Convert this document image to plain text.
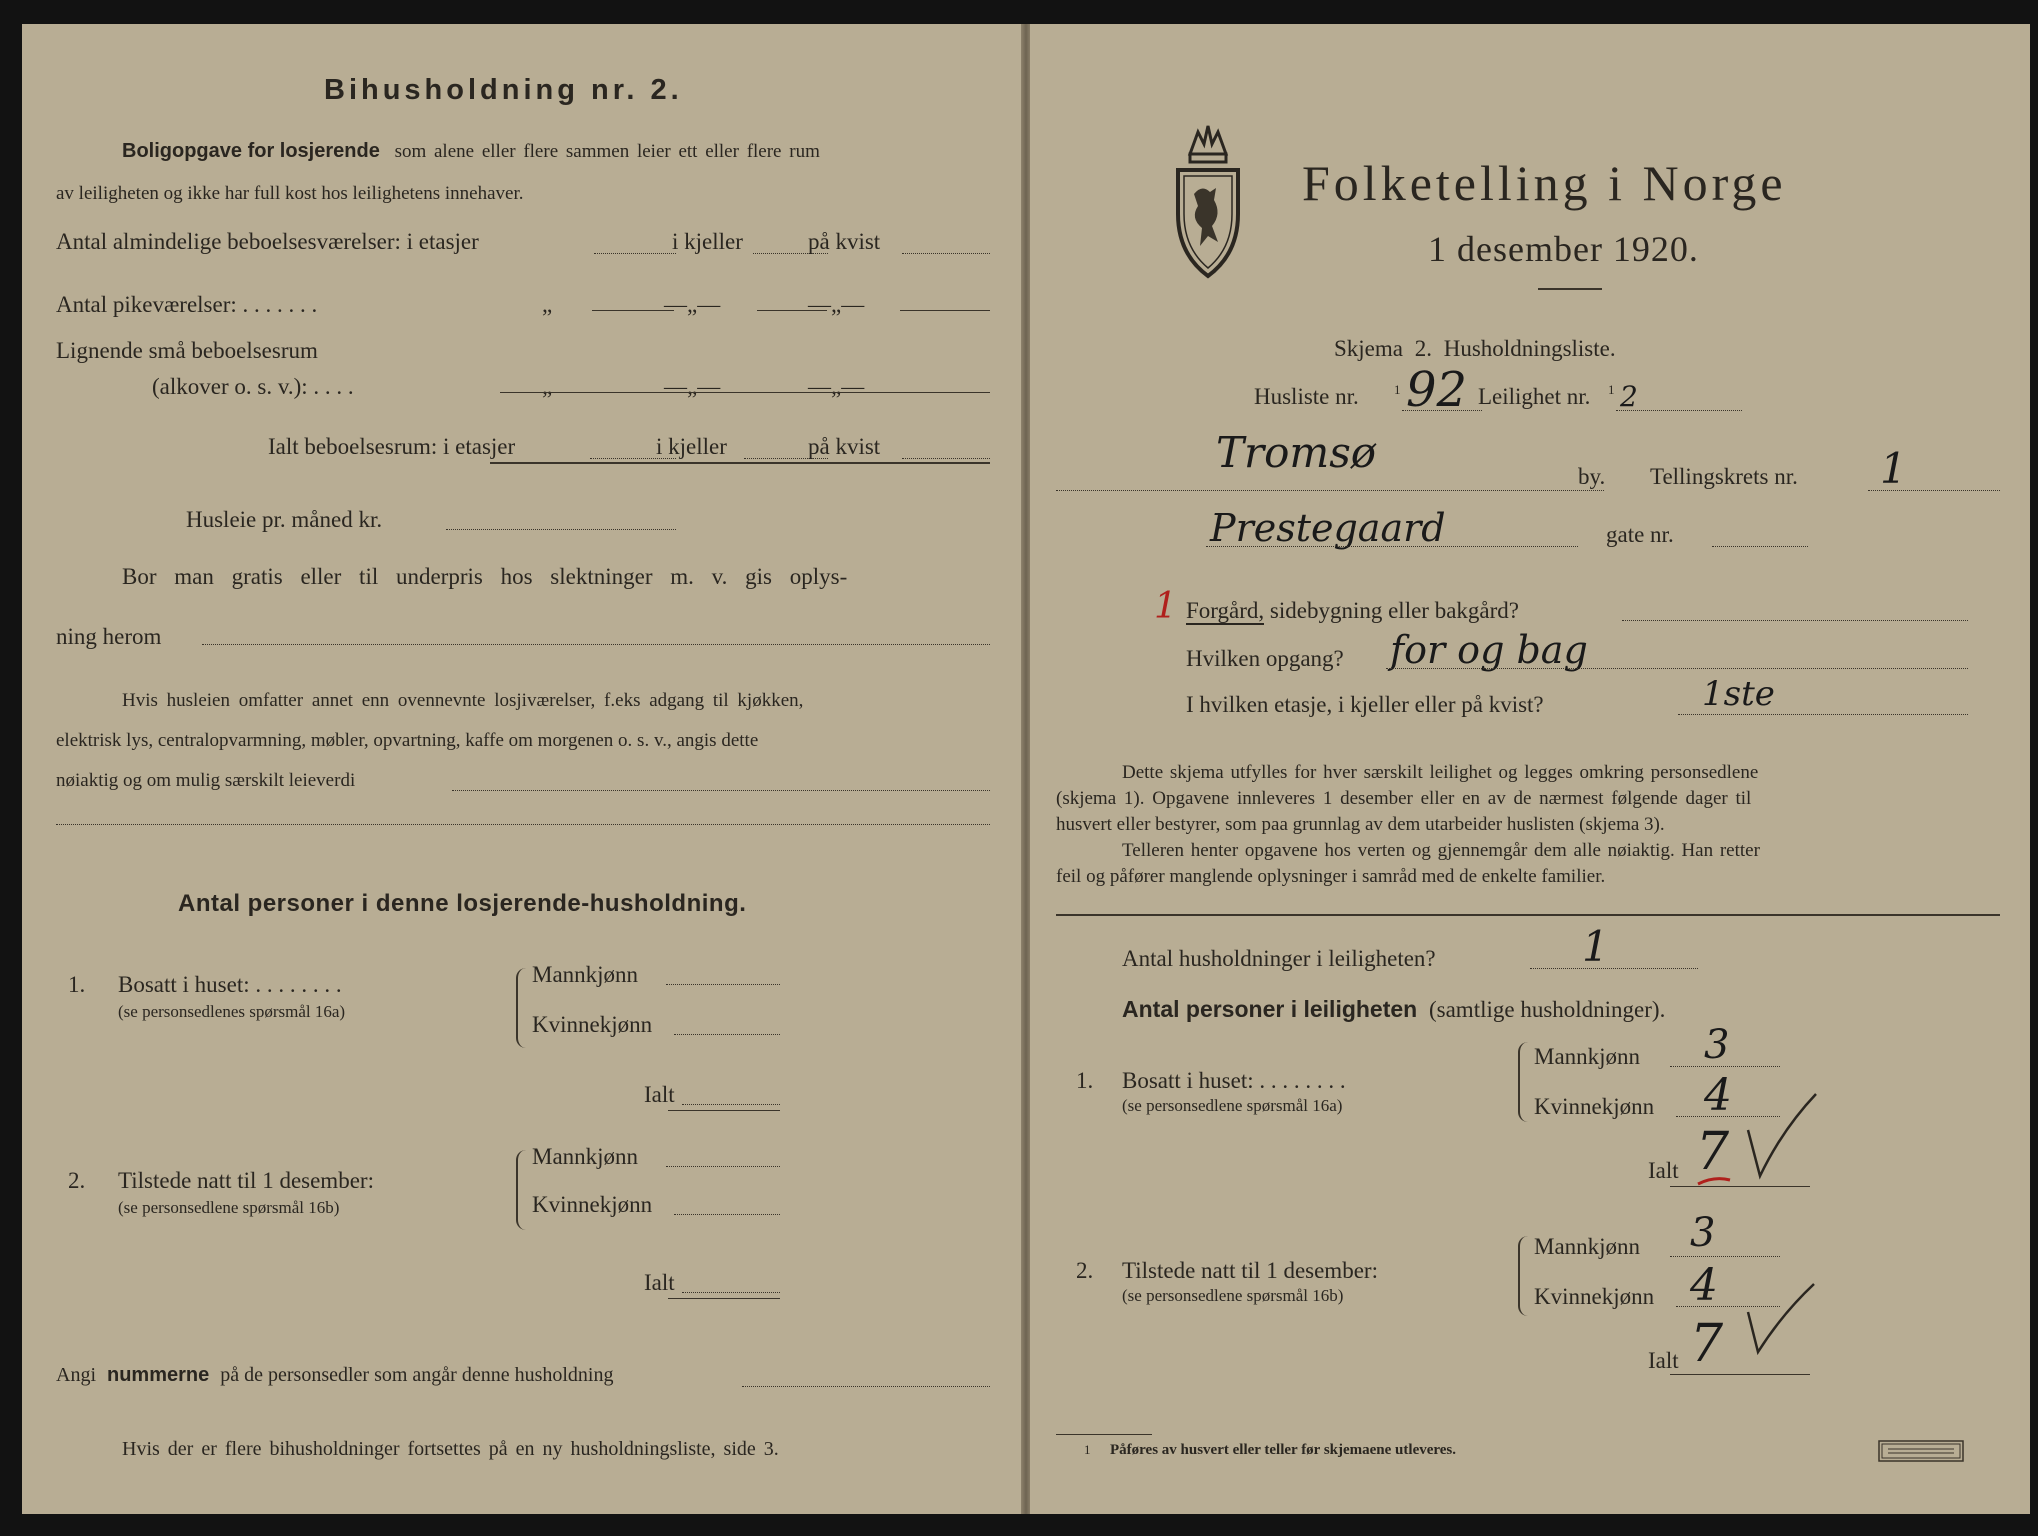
Bihusholdning nr. 2.
Boligopgave for losjerende som alene eller flere sammen leier ett eller flere rum
av leiligheten og ikke har full kost hos leilighetens innehaver.
Antal almindelige beboelsesværelser: i etasjer	i kjeller	på kvist
Antal pikeværelser: . . . . . . .	„	—„—	—„—
Lignende små beboelsesrum
(alkover o. s. v.): . . . .	„	—„—	—„—
Ialt beboelsesrum: i etasjer	i kjeller	på kvist
Husleie pr. måned kr.
Bor man gratis eller til underpris hos slektninger m. v. gis oplys-
ning herom
Hvis husleien omfatter annet enn ovennevnte losjiværelser, f.eks adgang til kjøkken,
elektrisk lys, centralopvarmning, møbler, opvartning, kaffe om morgenen o. s. v., angis dette
nøiaktig og om mulig særskilt leieverdi
Antal personer i denne losjerende-husholdning.
1. Bosatt i huset: . . . . . . . .
(se personsedlenes spørsmål 16a)
Mannkjønn
Kvinnekjønn
Ialt
2. Tilstede natt til 1 desember:
(se personsedlene spørsmål 16b)
Mannkjønn
Kvinnekjønn
Ialt
Angi nummerne på de personsedler som angår denne husholdning
Hvis der er flere bihusholdninger fortsettes på en ny husholdningsliste, side 3.
Folketelling i Norge
1 desember 1920.
Skjema 2. Husholdningsliste.
Husliste nr.	1 92 Leilighet nr. 1 2
Tromsø	by. Tellingskrets nr. 1
Prestegaard	gate nr.
1 Forgård, sidebygning eller bakgård?
Hvilken opgang? for og bag
I hvilken etasje, i kjeller eller på kvist?	1ste
Dette skjema utfylles for hver særskilt leilighet og legges omkring personsedlene
(skjema 1). Opgavene innleveres 1 desember eller en av de nærmest følgende dager til
husvert eller bestyrer, som paa grunnlag av dem utarbeider huslisten (skjema 3).
Telleren henter opgavene hos verten og gjennemgår dem alle nøiaktig. Han retter
feil og påfører manglende oplysninger i samråd med de enkelte familier.
Antal husholdninger i leiligheten?	1
Antal personer i leiligheten (samtlige husholdninger).
1. Bosatt i huset: . . . . . . . .
(se personsedlene spørsmål 16a)
Mannkjønn 3
Kvinnekjønn 4
Ialt 7
2. Tilstede natt til 1 desember:
(se personsedlene spørsmål 16b)
Mannkjønn 3
Kvinnekjønn 4
Ialt 7
1 Påføres av husvert eller teller før skjemaene utleveres.
